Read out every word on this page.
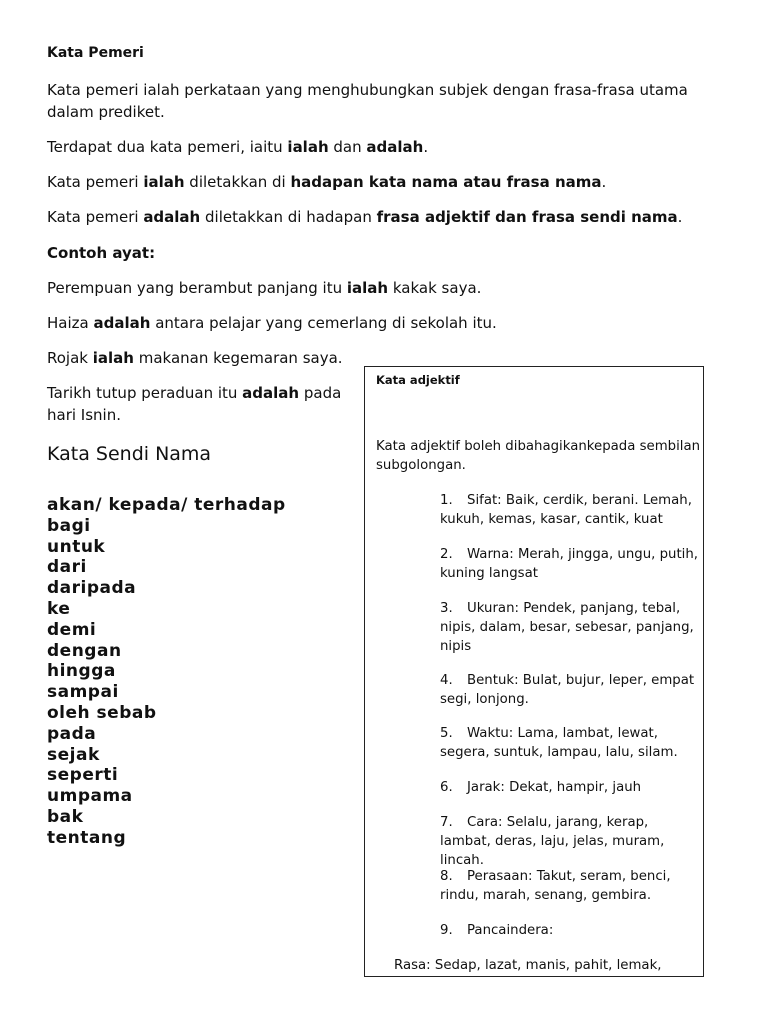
Kata Pemeri

Kata pemeri ialah perkataan yang menghubungkan subjek dengan frasa-frasa utama dalam prediket.

Terdapat dua kata pemeri, iaitu ialah dan adalah.

Kata pemeri ialah diletakkan di hadapan kata nama atau frasa nama.

Kata pemeri adalah diletakkan di hadapan frasa adjektif dan frasa sendi nama.

Contoh ayat:

Perempuan yang berambut panjang itu ialah kakak saya.

Haiza adalah antara pelajar yang cemerlang di sekolah itu.

Rojak ialah makanan kegemaran saya.

Tarikh tutup peraduan itu adalah pada hari Isnin.

Kata Sendi Nama

akan/ kepada/ terhadap
bagi
untuk
dari
daripada
ke
demi
dengan
hingga
sampai
oleh sebab
pada
sejak
seperti
umpama
bak
tentang
Kata adjektif
Kata adjektif boleh dibahagikankepada sembilan subgolongan.
1. Sifat: Baik, cerdik, berani. Lemah, kukuh, kemas, kasar, cantik, kuat
2. Warna: Merah, jingga, ungu, putih, kuning langsat
3. Ukuran: Pendek, panjang, tebal, nipis, dalam, besar, sebesar, panjang, nipis
4. Bentuk: Bulat, bujur, leper, empat segi, lonjong.
5. Waktu: Lama, lambat, lewat, segera, suntuk, lampau, lalu, silam.
6. Jarak: Dekat, hampir, jauh
7. Cara: Selalu, jarang, kerap, lambat, deras, laju, jelas, muram, lincah.
8. Perasaan: Takut, seram, benci, rindu, marah, senang, gembira.
9. Pancaindera:
Rasa: Sedap, lazat, manis, pahit, lemak,
